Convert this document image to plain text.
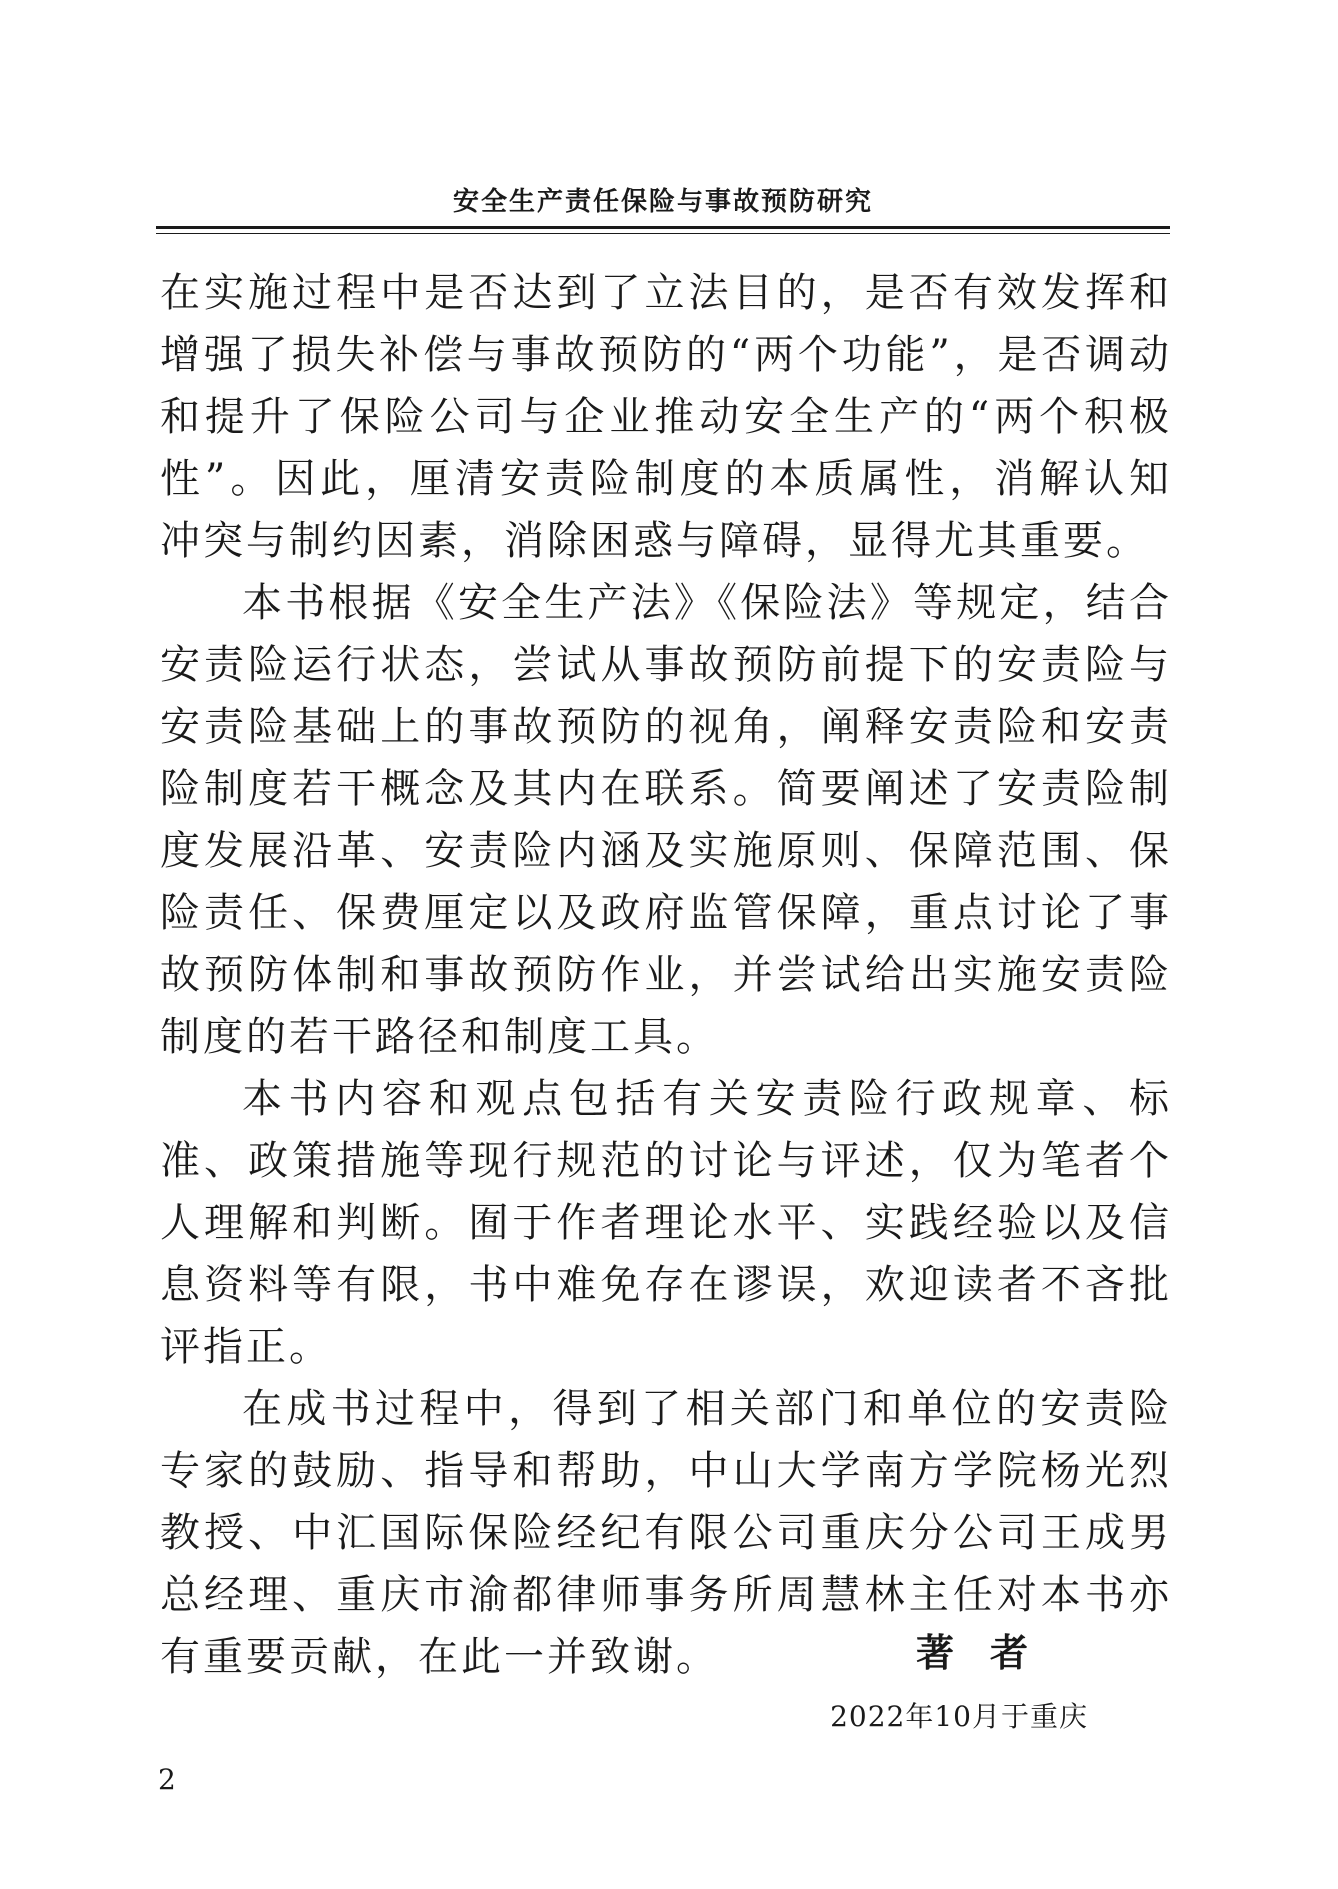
安全生产责任保险与事故预防研究

在实施过程中是否达到了立法目的，是否有效发挥和增强了损失补偿与事故预防的“两个功能”，是否调动和提升了保险公司与企业推动安全生产的“两个积极性”。因此，厘清安责险制度的本质属性，消解认知冲突与制约因素，消除困惑与障碍，显得尤其重要。

本书根据《安全生产法》《保险法》等规定，结合安责险运行状态，尝试从事故预防前提下的安责险与安责险基础上的事故预防的视角，阐释安责险和安责险制度若干概念及其内在联系。简要阐述了安责险制度发展沿革、安责险内涵及实施原则、保障范围、保险责任、保费厘定以及政府监管保障，重点讨论了事故预防体制和事故预防作业，并尝试给出实施安责险制度的若干路径和制度工具。

本书内容和观点包括有关安责险行政规章、标准、政策措施等现行规范的讨论与评述，仅为笔者个人理解和判断。囿于作者理论水平、实践经验以及信息资料等有限，书中难免存在谬误，欢迎读者不吝批评指正。

在成书过程中，得到了相关部门和单位的安责险专家的鼓励、指导和帮助，中山大学南方学院杨光烈教授、中汇国际保险经纪有限公司重庆分公司王成男总经理、重庆市渝都律师事务所周慧林主任对本书亦有重要贡献，在此一并致谢。	著者
2022年10月于重庆
2
